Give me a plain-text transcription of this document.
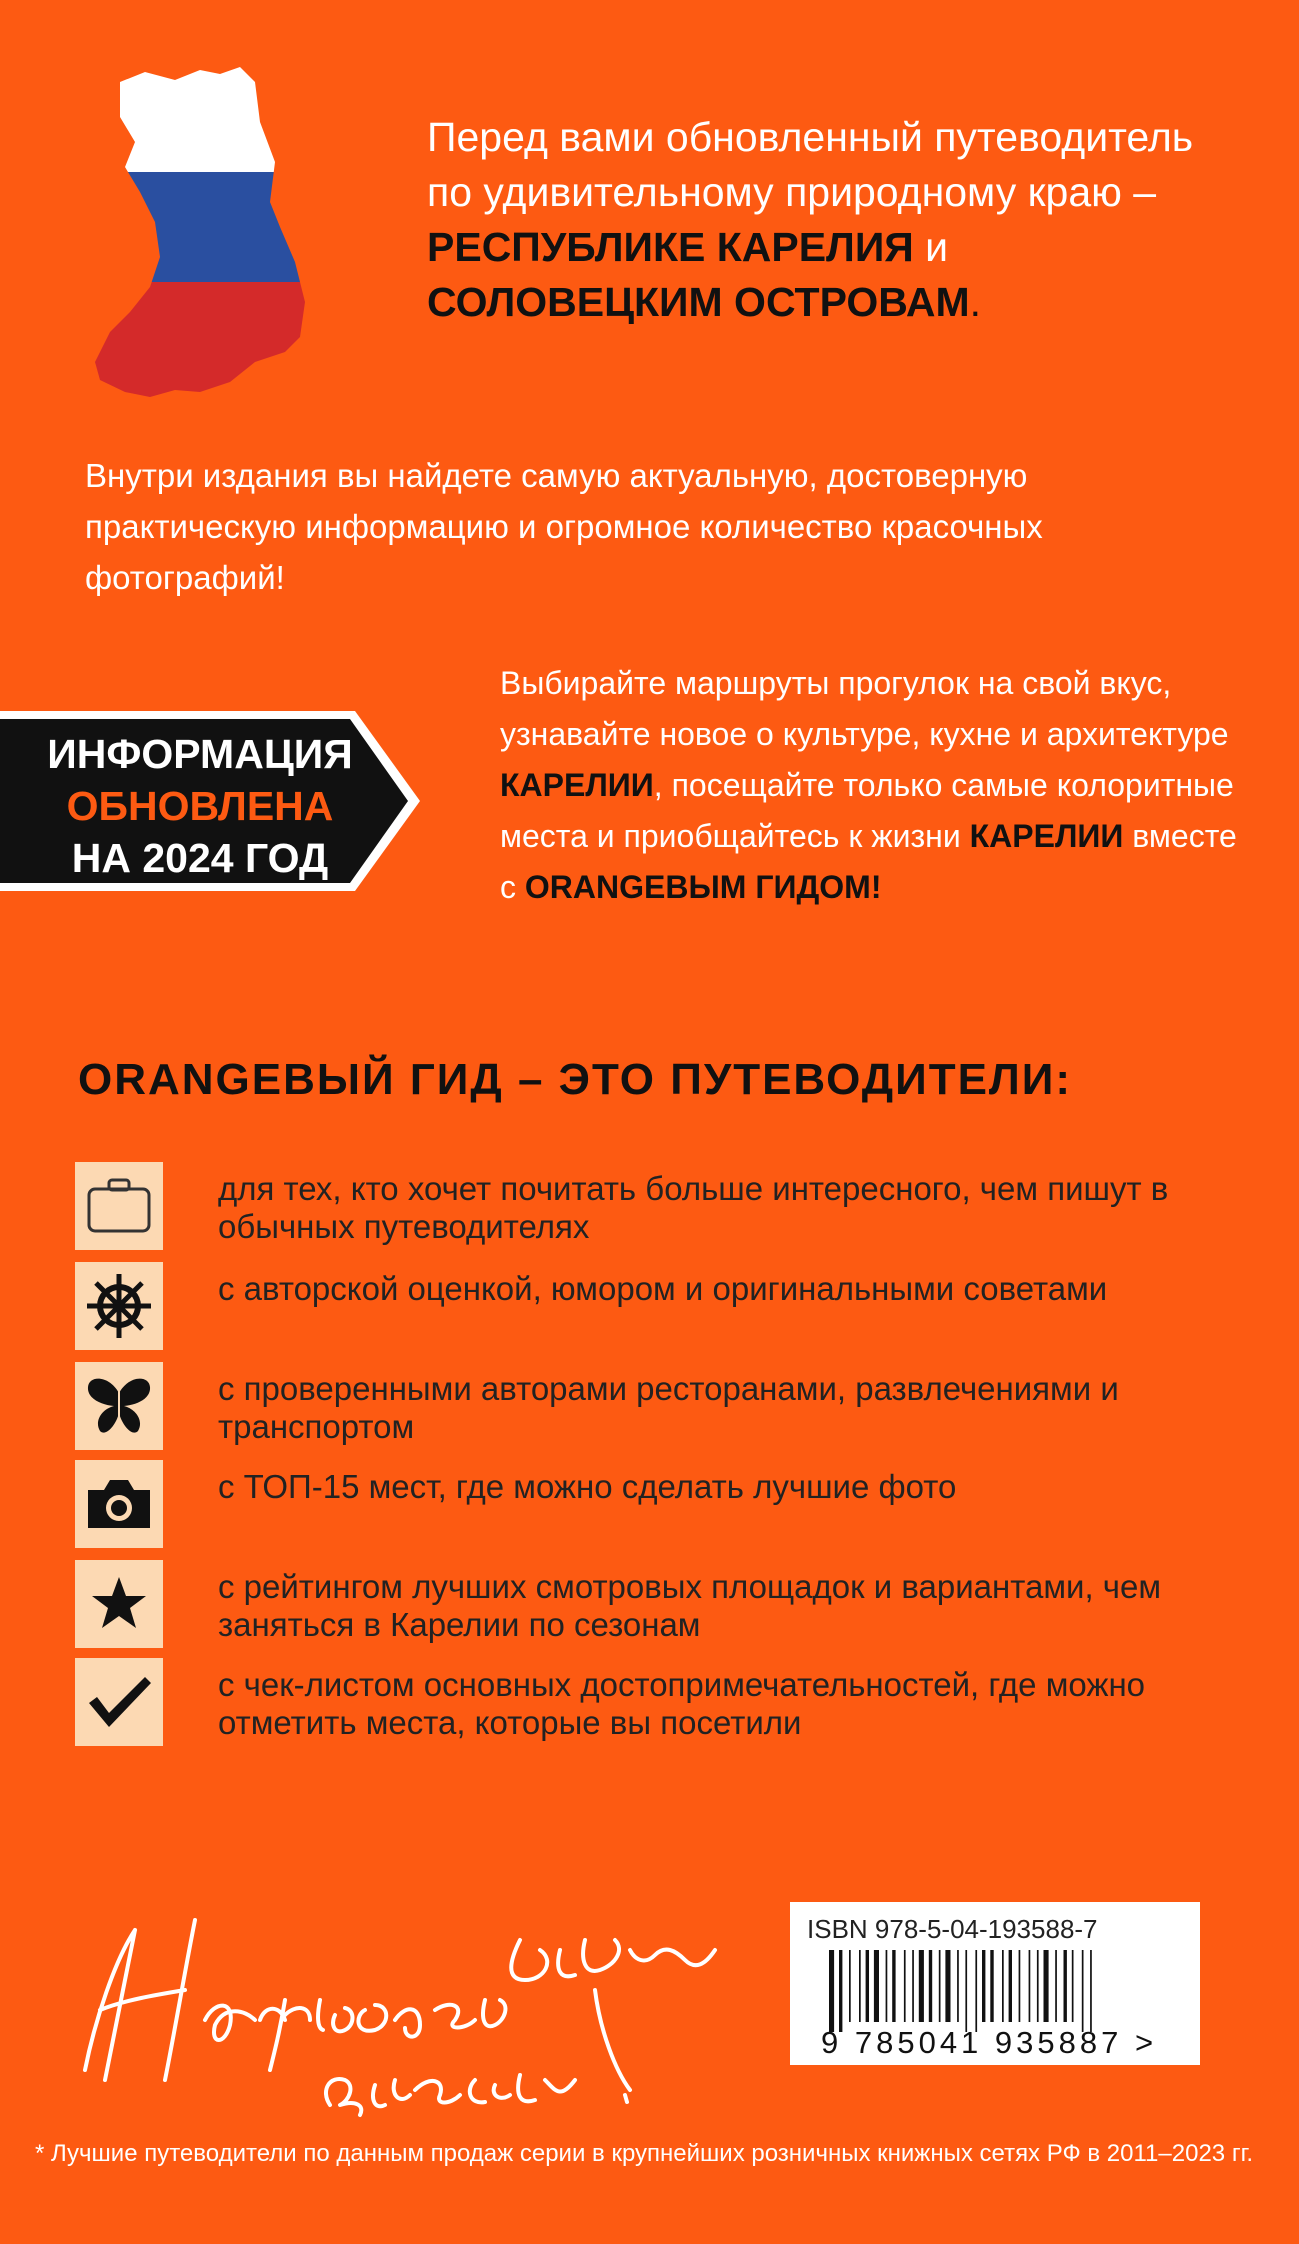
Перед вами обновленный путеводитель по удивительному природному краю – РЕСПУБЛИКЕ КАРЕЛИЯ и СОЛОВЕЦКИМ ОСТРОВАМ.
Внутри издания вы найдете самую актуальную, достоверную практическую информацию и огромное количество красочных фотографий!
ИНФОРМАЦИЯ
ОБНОВЛЕНА
НА 2024 ГОД
Выбирайте маршруты прогулок на свой вкус, узнавайте новое о культуре, кухне и архитектуре КАРЕЛИИ, посещайте только самые колоритные места и приобщайтесь к жизни КАРЕЛИИ вместе с ORANGEВЫМ ГИДОМ!
ORANGEВЫЙ ГИД – ЭТО ПУТЕВОДИТЕЛИ:
для тех, кто хочет почитать больше интересного, чем пишут в обычных путеводителях
с авторской оценкой, юмором и оригинальными советами
с проверенными авторами ресторанами, развлечениями и транспортом
с ТОП-15 мест, где можно сделать лучшие фото
с рейтингом лучших смотровых площадок и вариантами, чем заняться в Карелии по сезонам
с чек-листом основных достопримечательностей, где можно отметить места, которые вы посетили
ISBN 978-5-04-193588-7
9 785041 935887 >
* Лучшие путеводители по данным продаж серии в крупнейших розничных книжных сетях РФ в 2011–2023 гг.
